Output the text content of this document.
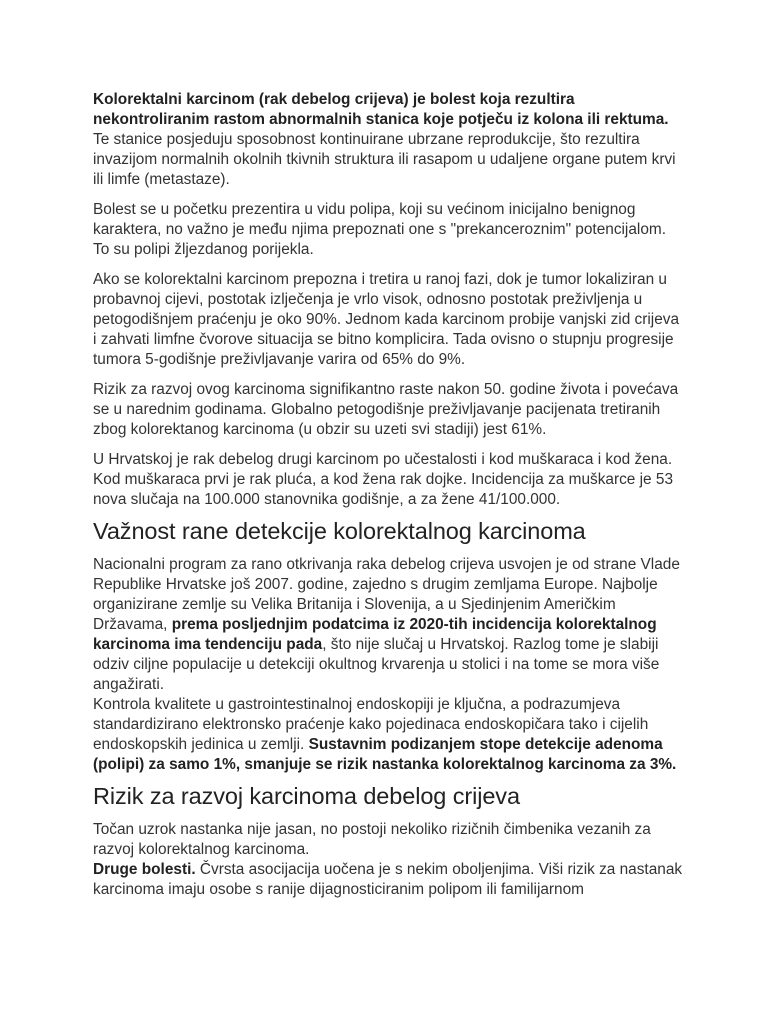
Kolorektalni karcinom (rak debelog crijeva) je bolest koja rezultira nekontroliranim rastom abnormalnih stanica koje potječu iz kolona ili rektuma. Te stanice posjeduju sposobnost kontinuirane ubrzane reprodukcije, što rezultira invazijom normalnih okolnih tkivnih struktura ili rasapom u udaljene organe putem krvi ili limfe (metastaze).

Bolest se u početku prezentira u vidu polipa, koji su većinom inicijalno benignog karaktera, no važno je među njima prepoznati one s "prekanceroznim" potencijalom. To su polipi žljezdanog porijekla.

Ako se kolorektalni karcinom prepozna i tretira u ranoj fazi, dok je tumor lokaliziran u probavnoj cijevi, postotak izlječenja je vrlo visok, odnosno postotak preživljenja u petogodišnjem praćenju je oko 90%. Jednom kada karcinom probije vanjski zid crijeva i zahvati limfne čvorove situacija se bitno komplicira. Tada ovisno o stupnju progresije tumora 5-godišnje preživljavanje varira od 65% do 9%.

Rizik za razvoj ovog karcinoma signifikantno raste nakon 50. godine života i povećava se u narednim godinama. Globalno petogodišnje preživljavanje pacijenata tretiranih zbog kolorektanog karcinoma (u obzir su uzeti svi stadiji) jest 61%.

U Hrvatskoj je rak debelog drugi karcinom po učestalosti i kod muškaraca i kod žena. Kod muškaraca prvi je rak pluća, a kod žena rak dojke. Incidencija za muškarce je 53 nova slučaja na 100.000 stanovnika godišnje, a za žene 41/100.000.

Važnost rane detekcije kolorektalnog karcinoma

Nacionalni program za rano otkrivanja raka debelog crijeva usvojen je od strane Vlade Republike Hrvatske još 2007. godine, zajedno s drugim zemljama Europe. Najbolje organizirane zemlje su Velika Britanija i Slovenija, a u Sjedinjenim Američkim Državama, prema posljednjim podatcima iz 2020-tih incidencija kolorektalnog karcinoma ima tendenciju pada, što nije slučaj u Hrvatskoj. Razlog tome je slabiji odziv ciljne populacije u detekciji okultnog krvarenja u stolici i na tome se mora više angažirati.

Kontrola kvalitete u gastrointestinalnoj endoskopiji je ključna, a podrazumjeva standardizirano elektronsko praćenje kako pojedinaca endoskopičara tako i cijelih endoskopskih jedinica u zemlji. Sustavnim podizanjem stope detekcije adenoma (polipi) za samo 1%, smanjuje se rizik nastanka kolorektalnog karcinoma za 3%.

Rizik za razvoj karcinoma debelog crijeva

Točan uzrok nastanka nije jasan, no postoji nekoliko rizičnih čimbenika vezanih za razvoj kolorektalnog karcinoma.

Druge bolesti. Čvrsta asocijacija uočena je s nekim oboljenjima. Viši rizik za nastanak karcinoma imaju osobe s ranije dijagnosticiranim polipom ili familijarnom
